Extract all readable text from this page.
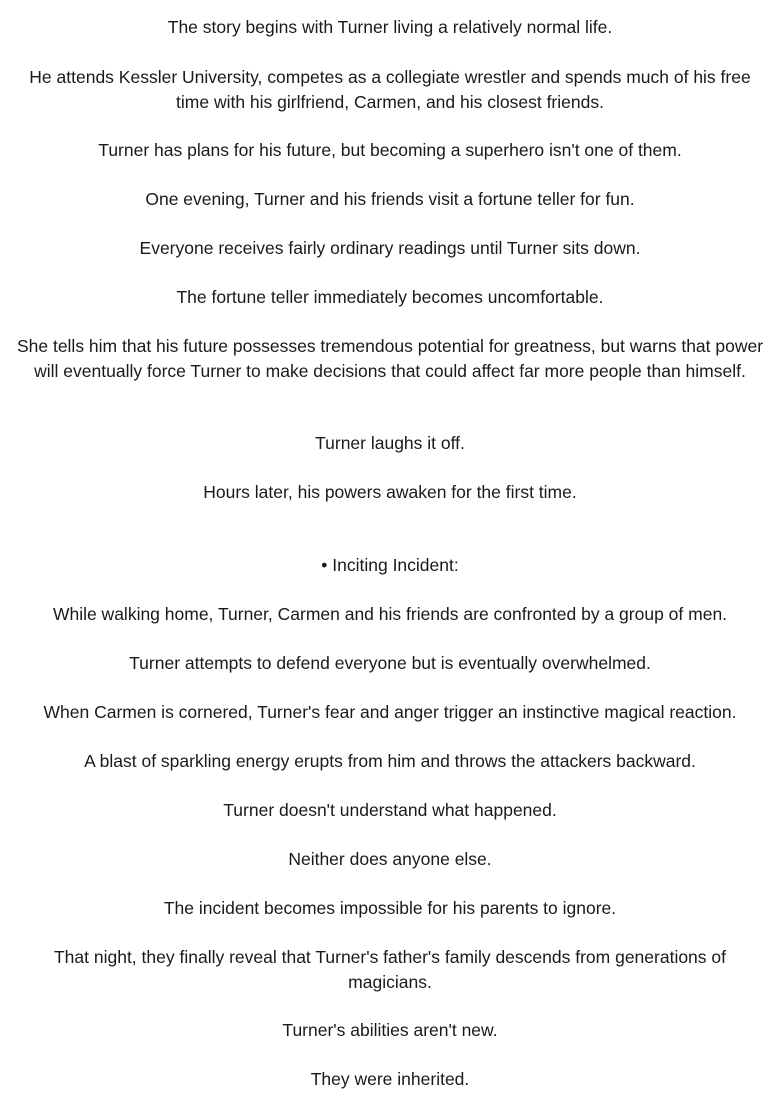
The story begins with Turner living a relatively normal life.

He attends Kessler University, competes as a collegiate wrestler and spends much of his free time with his girlfriend, Carmen, and his closest friends.

Turner has plans for his future, but becoming a superhero isn't one of them.

One evening, Turner and his friends visit a fortune teller for fun.

Everyone receives fairly ordinary readings until Turner sits down.

The fortune teller immediately becomes uncomfortable.

She tells him that his future possesses tremendous potential for greatness, but warns that power will eventually force Turner to make decisions that could affect far more people than himself.

Turner laughs it off.

Hours later, his powers awaken for the first time.

• Inciting Incident:

While walking home, Turner, Carmen and his friends are confronted by a group of men.

Turner attempts to defend everyone but is eventually overwhelmed.

When Carmen is cornered, Turner's fear and anger trigger an instinctive magical reaction.

A blast of sparkling energy erupts from him and throws the attackers backward.

Turner doesn't understand what happened.

Neither does anyone else.

The incident becomes impossible for his parents to ignore.

That night, they finally reveal that Turner's father's family descends from generations of magicians.

Turner's abilities aren't new.

They were inherited.
